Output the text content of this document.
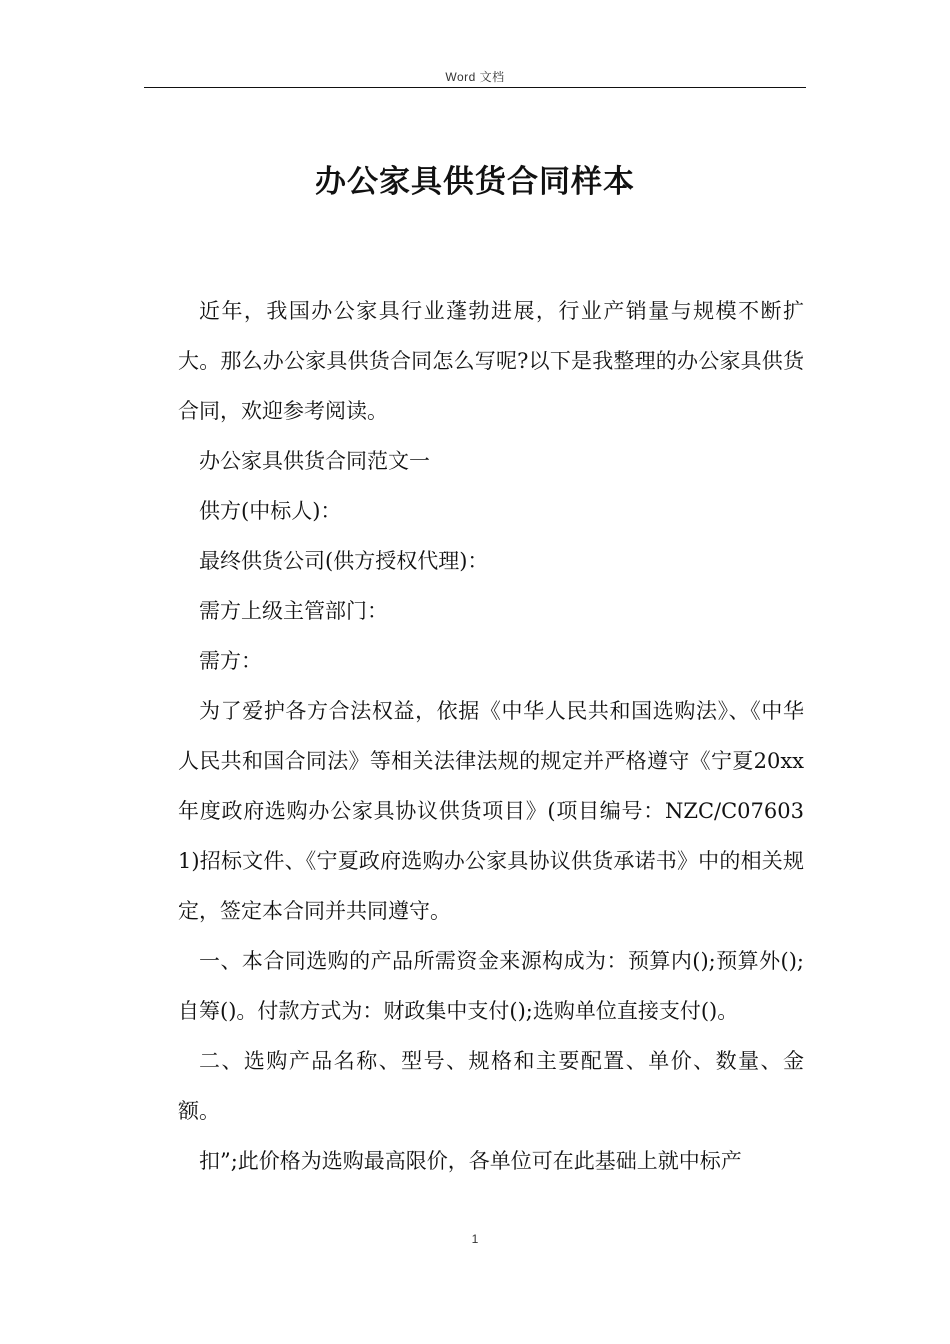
Word 文档
办公家具供货合同样本

近年，我国办公家具行业蓬勃进展，行业产销量与规模不断扩大。那么办公家具供货合同怎么写呢?以下是我整理的办公家具供货合同，欢迎参考阅读。

办公家具供货合同范文一

供方(中标人)：

最终供货公司(供方授权代理)：

需方上级主管部门：

需方：

为了爱护各方合法权益，依据《中华人民共和国选购法》、《中华人民共和国合同法》等相关法律法规的规定并严格遵守《宁夏20xx年度政府选购办公家具协议供货项目》(项目编号：NZC/C076031)招标文件、《宁夏政府选购办公家具协议供货承诺书》中的相关规定，签定本合同并共同遵守。

一、本合同选购的产品所需资金来源构成为：预算内();预算外();自筹()。付款方式为：财政集中支付();选购单位直接支付()。

二、选购产品名称、型号、规格和主要配置、单价、数量、金额。

扣”;此价格为选购最高限价，各单位可在此基础上就中标产

1
